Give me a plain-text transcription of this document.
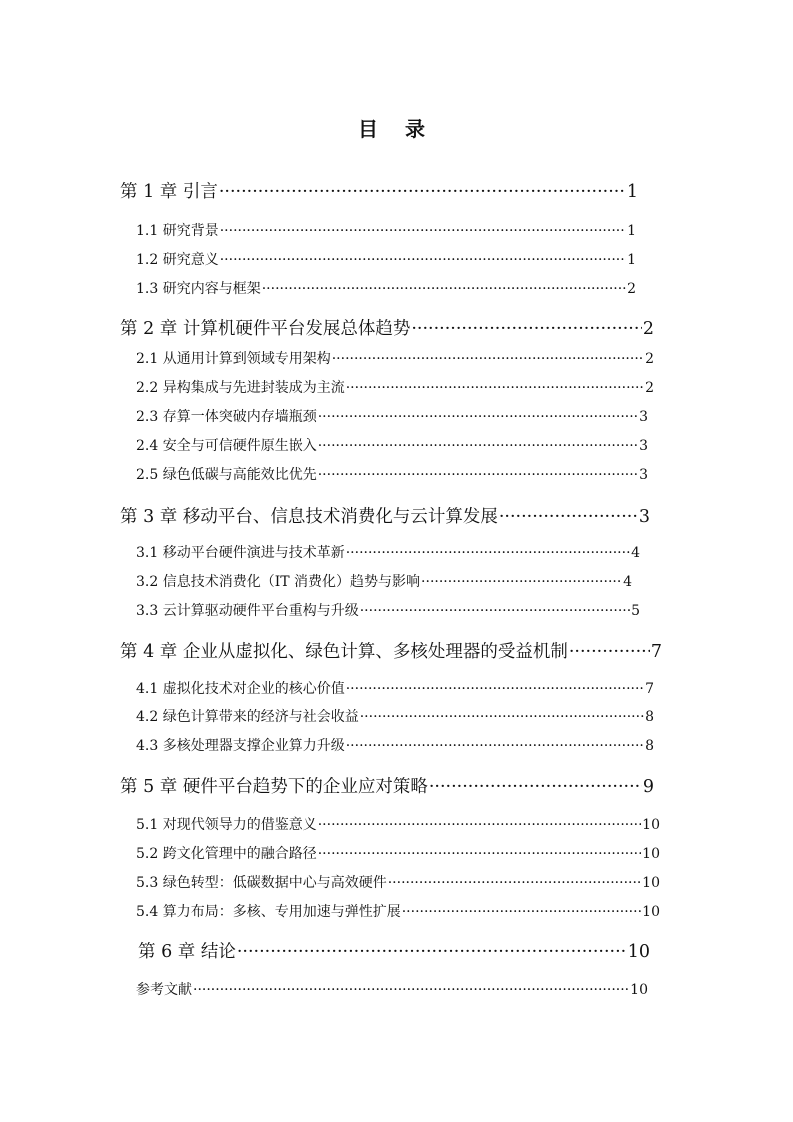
目 录
第 1 章 引言 ·····	1
1.1 研究背景 ·····	1
1.2 研究意义 ·····	1
1.3 研究内容与框架 ·····	2
第 2 章 计算机硬件平台发展总体趋势 ·····	2
2.1 从通用计算到领域专用架构 ·····	2
2.2 异构集成与先进封装成为主流 ·····	2
2.3 存算一体突破内存墙瓶颈 ·····	3
2.4 安全与可信硬件原生嵌入 ·····	3
2.5 绿色低碳与高能效比优先 ·····	3
第 3 章 移动平台、信息技术消费化与云计算发展 ·····	3
3.1 移动平台硬件演进与技术革新 ·····	4
3.2 信息技术消费化（IT 消费化）趋势与影响 ·····	4
3.3 云计算驱动硬件平台重构与升级 ·····	5
第 4 章 企业从虚拟化、绿色计算、多核处理器的受益机制 ·····	7
4.1 虚拟化技术对企业的核心价值 ·····	7
4.2 绿色计算带来的经济与社会收益 ·····	8
4.3 多核处理器支撑企业算力升级 ·····	8
第 5 章 硬件平台趋势下的企业应对策略 ·····	9
5.1 对现代领导力的借鉴意义 ·····	10
5.2 跨文化管理中的融合路径 ·····	10
5.3 绿色转型：低碳数据中心与高效硬件 ·····	10
5.4 算力布局：多核、专用加速与弹性扩展 ·····	10
第 6 章 结论 ·····	10
参考文献 ·····	10
